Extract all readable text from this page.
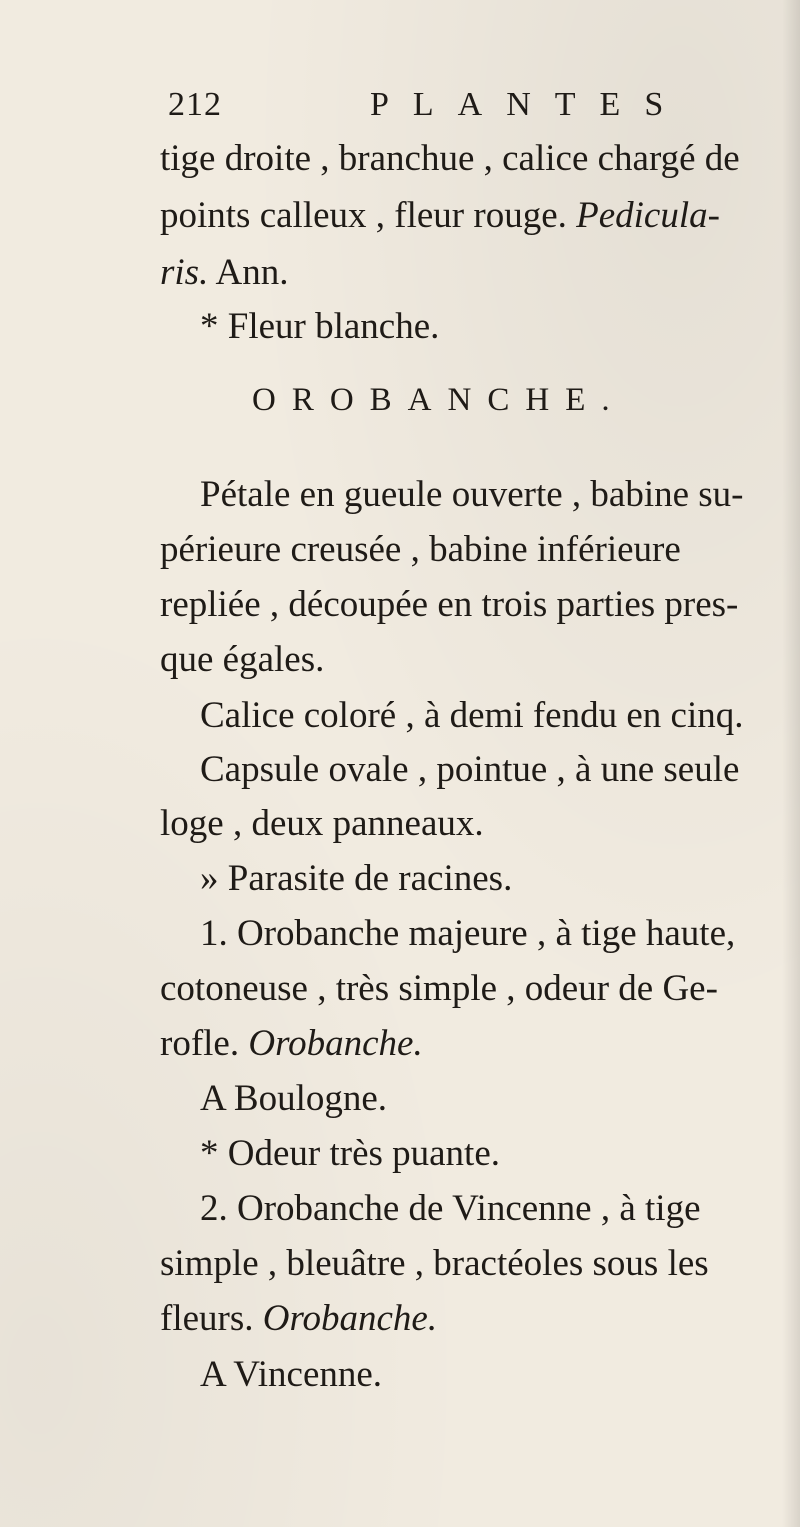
212	PLANTES
tige droite , branchue , calice chargé de
points calleux , fleur rouge. Pedicula-
ris. Ann.
* Fleur blanche.
OROBANCHE.
Pétale en gueule ouverte , babine su-
périeure creusée , babine inférieure
repliée , découpée en trois parties pres-
que égales.
Calice coloré , à demi fendu en cinq.
Capsule ovale , pointue , à une seule
loge , deux panneaux.
» Parasite de racines.
1. Orobanche majeure , à tige haute,
cotoneuse , très simple , odeur de Ge-
rofle. Orobanche.
A Boulogne.
* Odeur très puante.
2. Orobanche de Vincenne , à tige
simple , bleuâtre , bractéoles sous les
fleurs. Orobanche.
A Vincenne.
